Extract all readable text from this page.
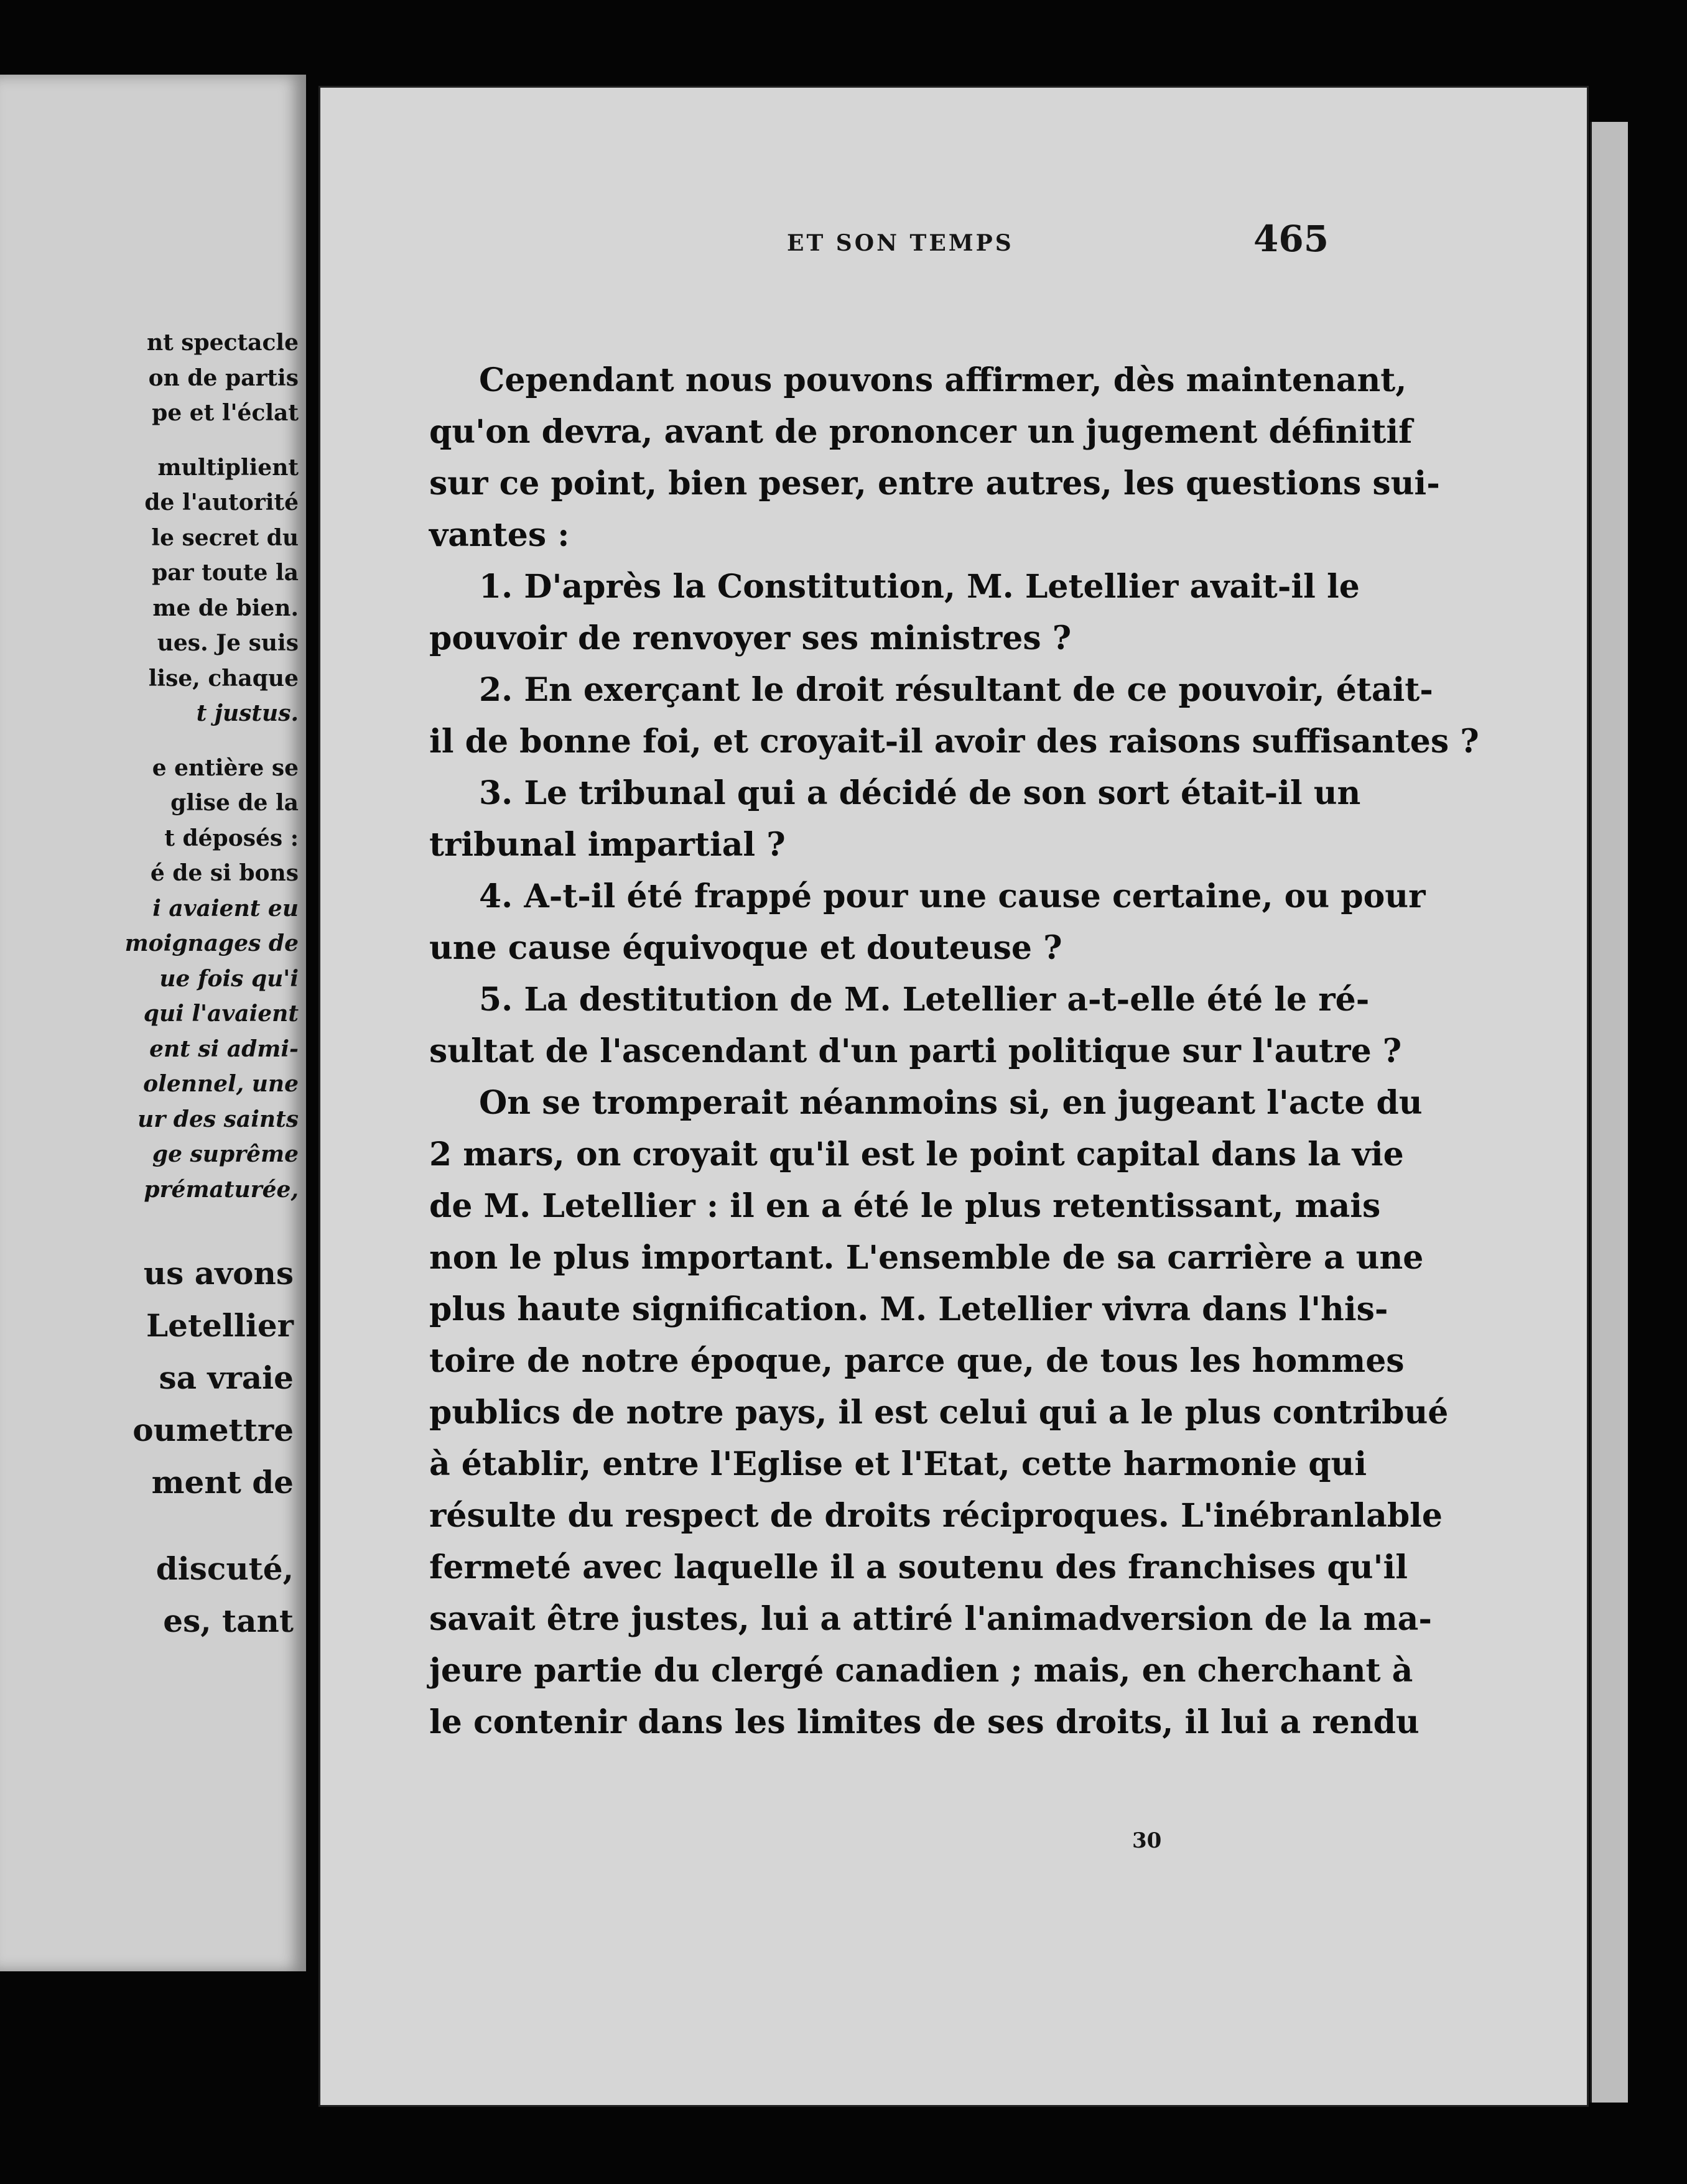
nt spectacle
on de partis
pe et l'éclat
multiplient
de l'autorité
le secret du
par toute la
me de bien.
ues. Je suis
lise, chaque
t justus.
e entière se
glise de la
t déposés :
é de si bons
i avaient eu
moignages de
ue fois qu'i
qui l'avaient
ent si admi-
olennel, une
ur des saints
ge suprême
prématurée,
us avons
Letellier
sa vraie
oumettre
ment de
discuté,
es, tant
ET SON TEMPS	465
Cependant nous pouvons affirmer, dès maintenant,
qu'on devra, avant de prononcer un jugement définitif
sur ce point, bien peser, entre autres, les questions sui-
vantes :
1. D'après la Constitution, M. Letellier avait-il le
pouvoir de renvoyer ses ministres ?
2. En exerçant le droit résultant de ce pouvoir, était-
il de bonne foi, et croyait-il avoir des raisons suffisantes ?
3. Le tribunal qui a décidé de son sort était-il un
tribunal impartial ?
4. A-t-il été frappé pour une cause certaine, ou pour
une cause équivoque et douteuse ?
5. La destitution de M. Letellier a-t-elle été le ré-
sultat de l'ascendant d'un parti politique sur l'autre ?
On se tromperait néanmoins si, en jugeant l'acte du
2 mars, on croyait qu'il est le point capital dans la vie
de M. Letellier : il en a été le plus retentissant, mais
non le plus important. L'ensemble de sa carrière a une
plus haute signification. M. Letellier vivra dans l'his-
toire de notre époque, parce que, de tous les hommes
publics de notre pays, il est celui qui a le plus contribué
à établir, entre l'Eglise et l'Etat, cette harmonie qui
résulte du respect de droits réciproques. L'inébranlable
fermeté avec laquelle il a soutenu des franchises qu'il
savait être justes, lui a attiré l'animadversion de la ma-
jeure partie du clergé canadien ; mais, en cherchant à
le contenir dans les limites de ses droits, il lui a rendu
30
